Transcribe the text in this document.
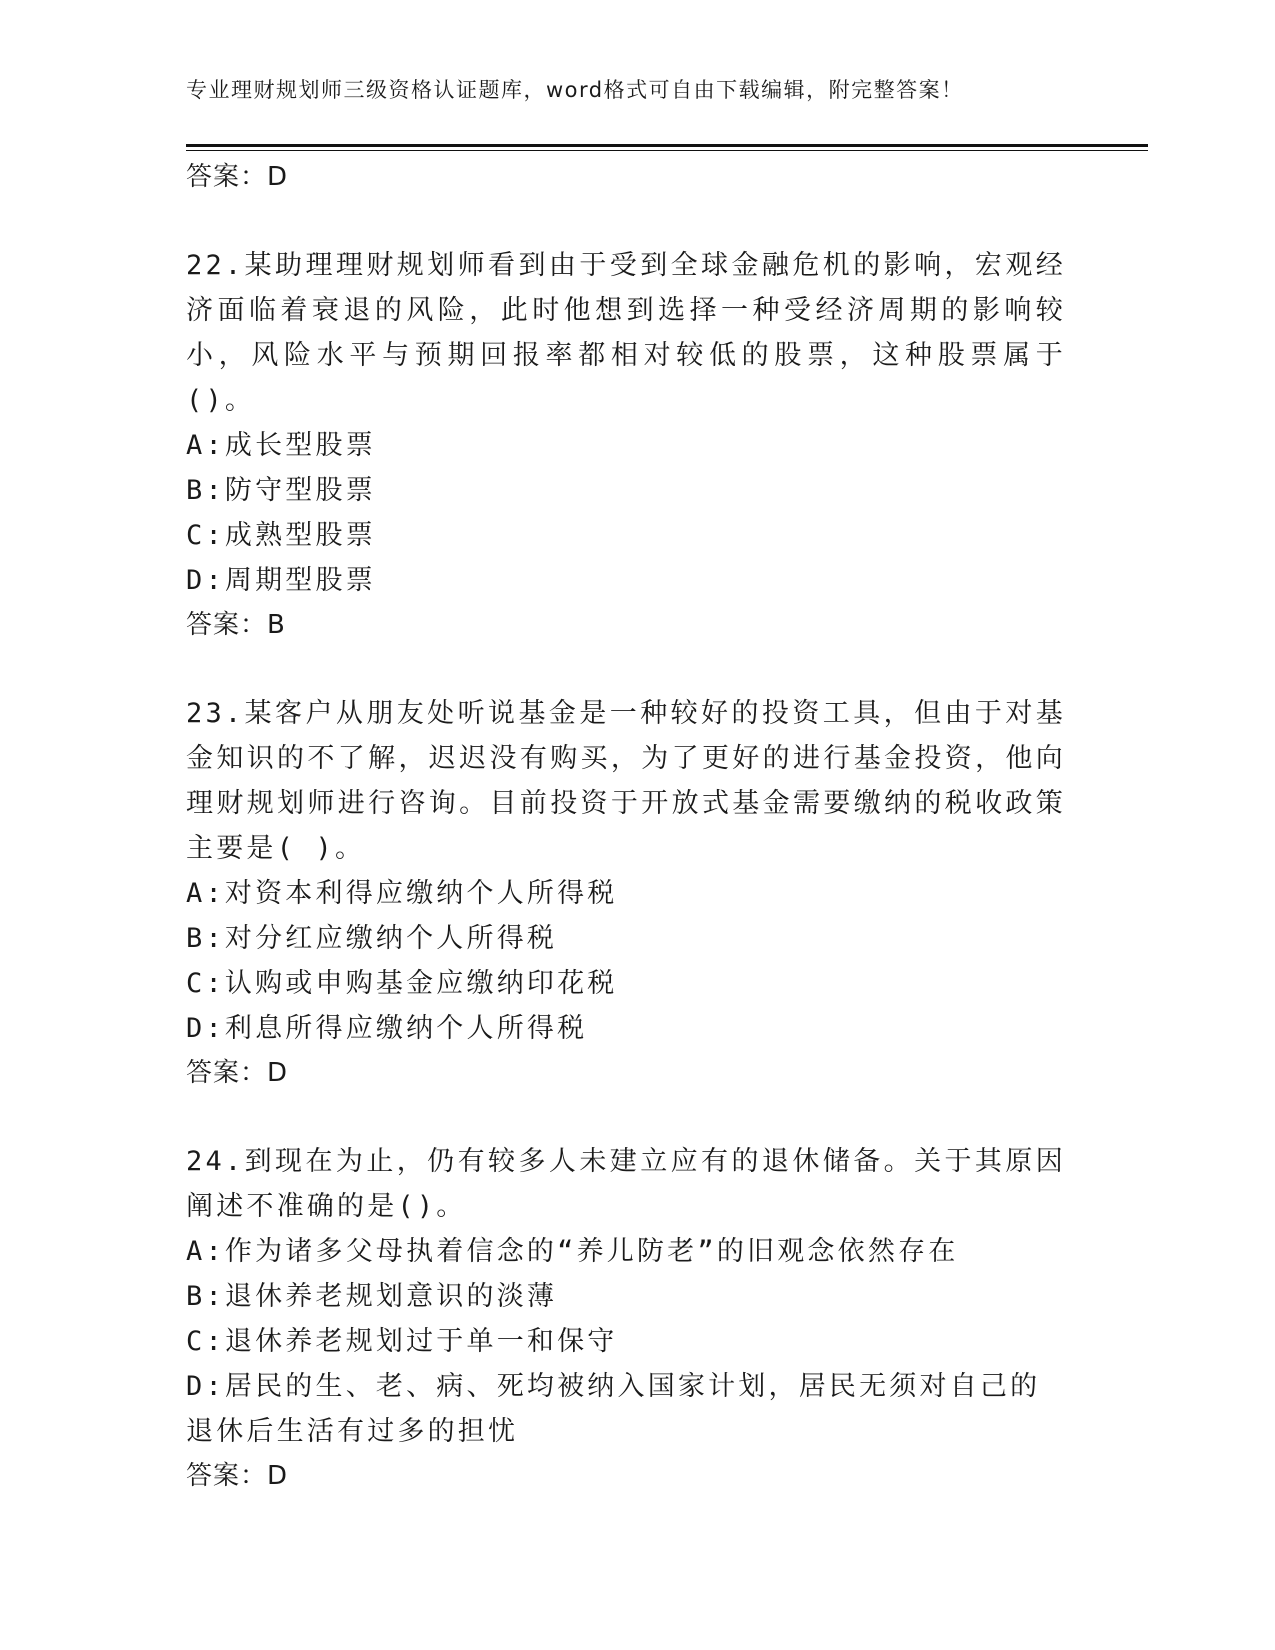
专业理财规划师三级资格认证题库，word格式可自由下载编辑，附完整答案！
答案：D
22.某助理理财规划师看到由于受到全球金融危机的影响，宏观经济面临着衰退的风险，此时他想到选择一种受经济周期的影响较小，风险水平与预期回报率都相对较低的股票，这种股票属于()。
A:成长型股票
B:防守型股票
C:成熟型股票
D:周期型股票
答案：B
23.某客户从朋友处听说基金是一种较好的投资工具，但由于对基金知识的不了解，迟迟没有购买，为了更好的进行基金投资，他向理财规划师进行咨询。目前投资于开放式基金需要缴纳的税收政策主要是( )。
A:对资本利得应缴纳个人所得税
B:对分红应缴纳个人所得税
C:认购或申购基金应缴纳印花税
D:利息所得应缴纳个人所得税
答案：D
24.到现在为止，仍有较多人未建立应有的退休储备。关于其原因阐述不准确的是()。
A:作为诸多父母执着信念的“养儿防老”的旧观念依然存在
B:退休养老规划意识的淡薄
C:退休养老规划过于单一和保守
D:居民的生、老、病、死均被纳入国家计划，居民无须对自己的退休后生活有过多的担忧
答案：D
